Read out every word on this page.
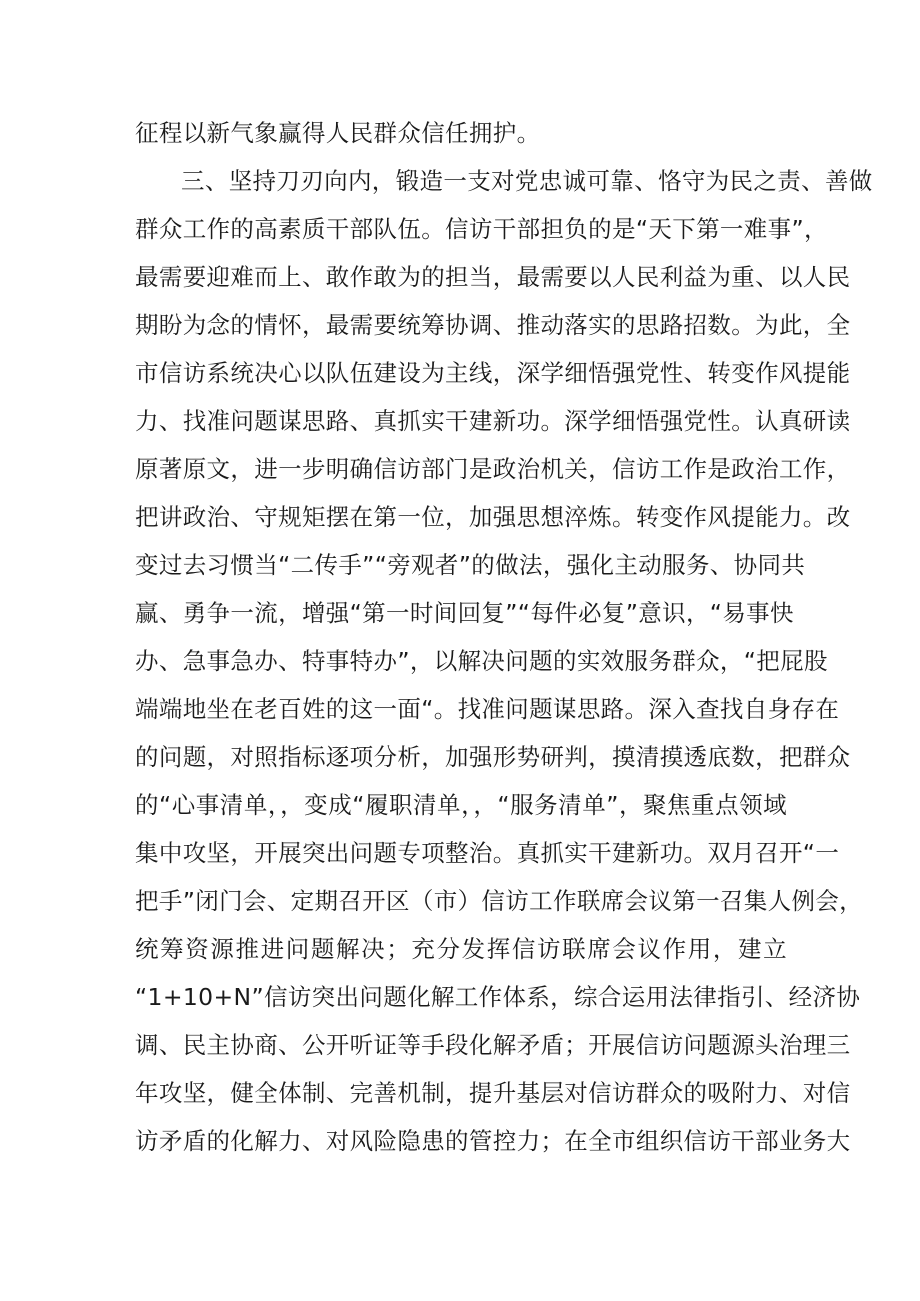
征程以新气象赢得人民群众信任拥护。
三、坚持刀刃向内，锻造一支对党忠诚可靠、恪守为民之责、善做
群众工作的高素质干部队伍。信访干部担负的是“天下第一难事”，
最需要迎难而上、敢作敢为的担当，最需要以人民利益为重、以人民
期盼为念的情怀，最需要统筹协调、推动落实的思路招数。为此，全
市信访系统决心以队伍建设为主线，深学细悟强党性、转变作风提能
力、找准问题谋思路、真抓实干建新功。深学细悟强党性。认真研读
原著原文，进一步明确信访部门是政治机关，信访工作是政治工作，
把讲政治、守规矩摆在第一位，加强思想淬炼。转变作风提能力。改
变过去习惯当“二传手”“旁观者”的做法，强化主动服务、协同共
赢、勇争一流，增强“第一时间回复”“每件必复”意识，“易事快
办、急事急办、特事特办”，以解决问题的实效服务群众，“把屁股
端端地坐在老百姓的这一面“。找准问题谋思路。深入查找自身存在
的问题，对照指标逐项分析，加强形势研判，摸清摸透底数，把群众
的“心事清单，，变成“履职清单，，“服务清单”，聚焦重点领域
集中攻坚，开展突出问题专项整治。真抓实干建新功。双月召开“一
把手”闭门会、定期召开区（市）信访工作联席会议第一召集人例会，
统筹资源推进问题解决；充分发挥信访联席会议作用，建立
“1+10+N”信访突出问题化解工作体系，综合运用法律指引、经济协
调、民主协商、公开听证等手段化解矛盾；开展信访问题源头治理三
年攻坚，健全体制、完善机制，提升基层对信访群众的吸附力、对信
访矛盾的化解力、对风险隐患的管控力；在全市组织信访干部业务大
